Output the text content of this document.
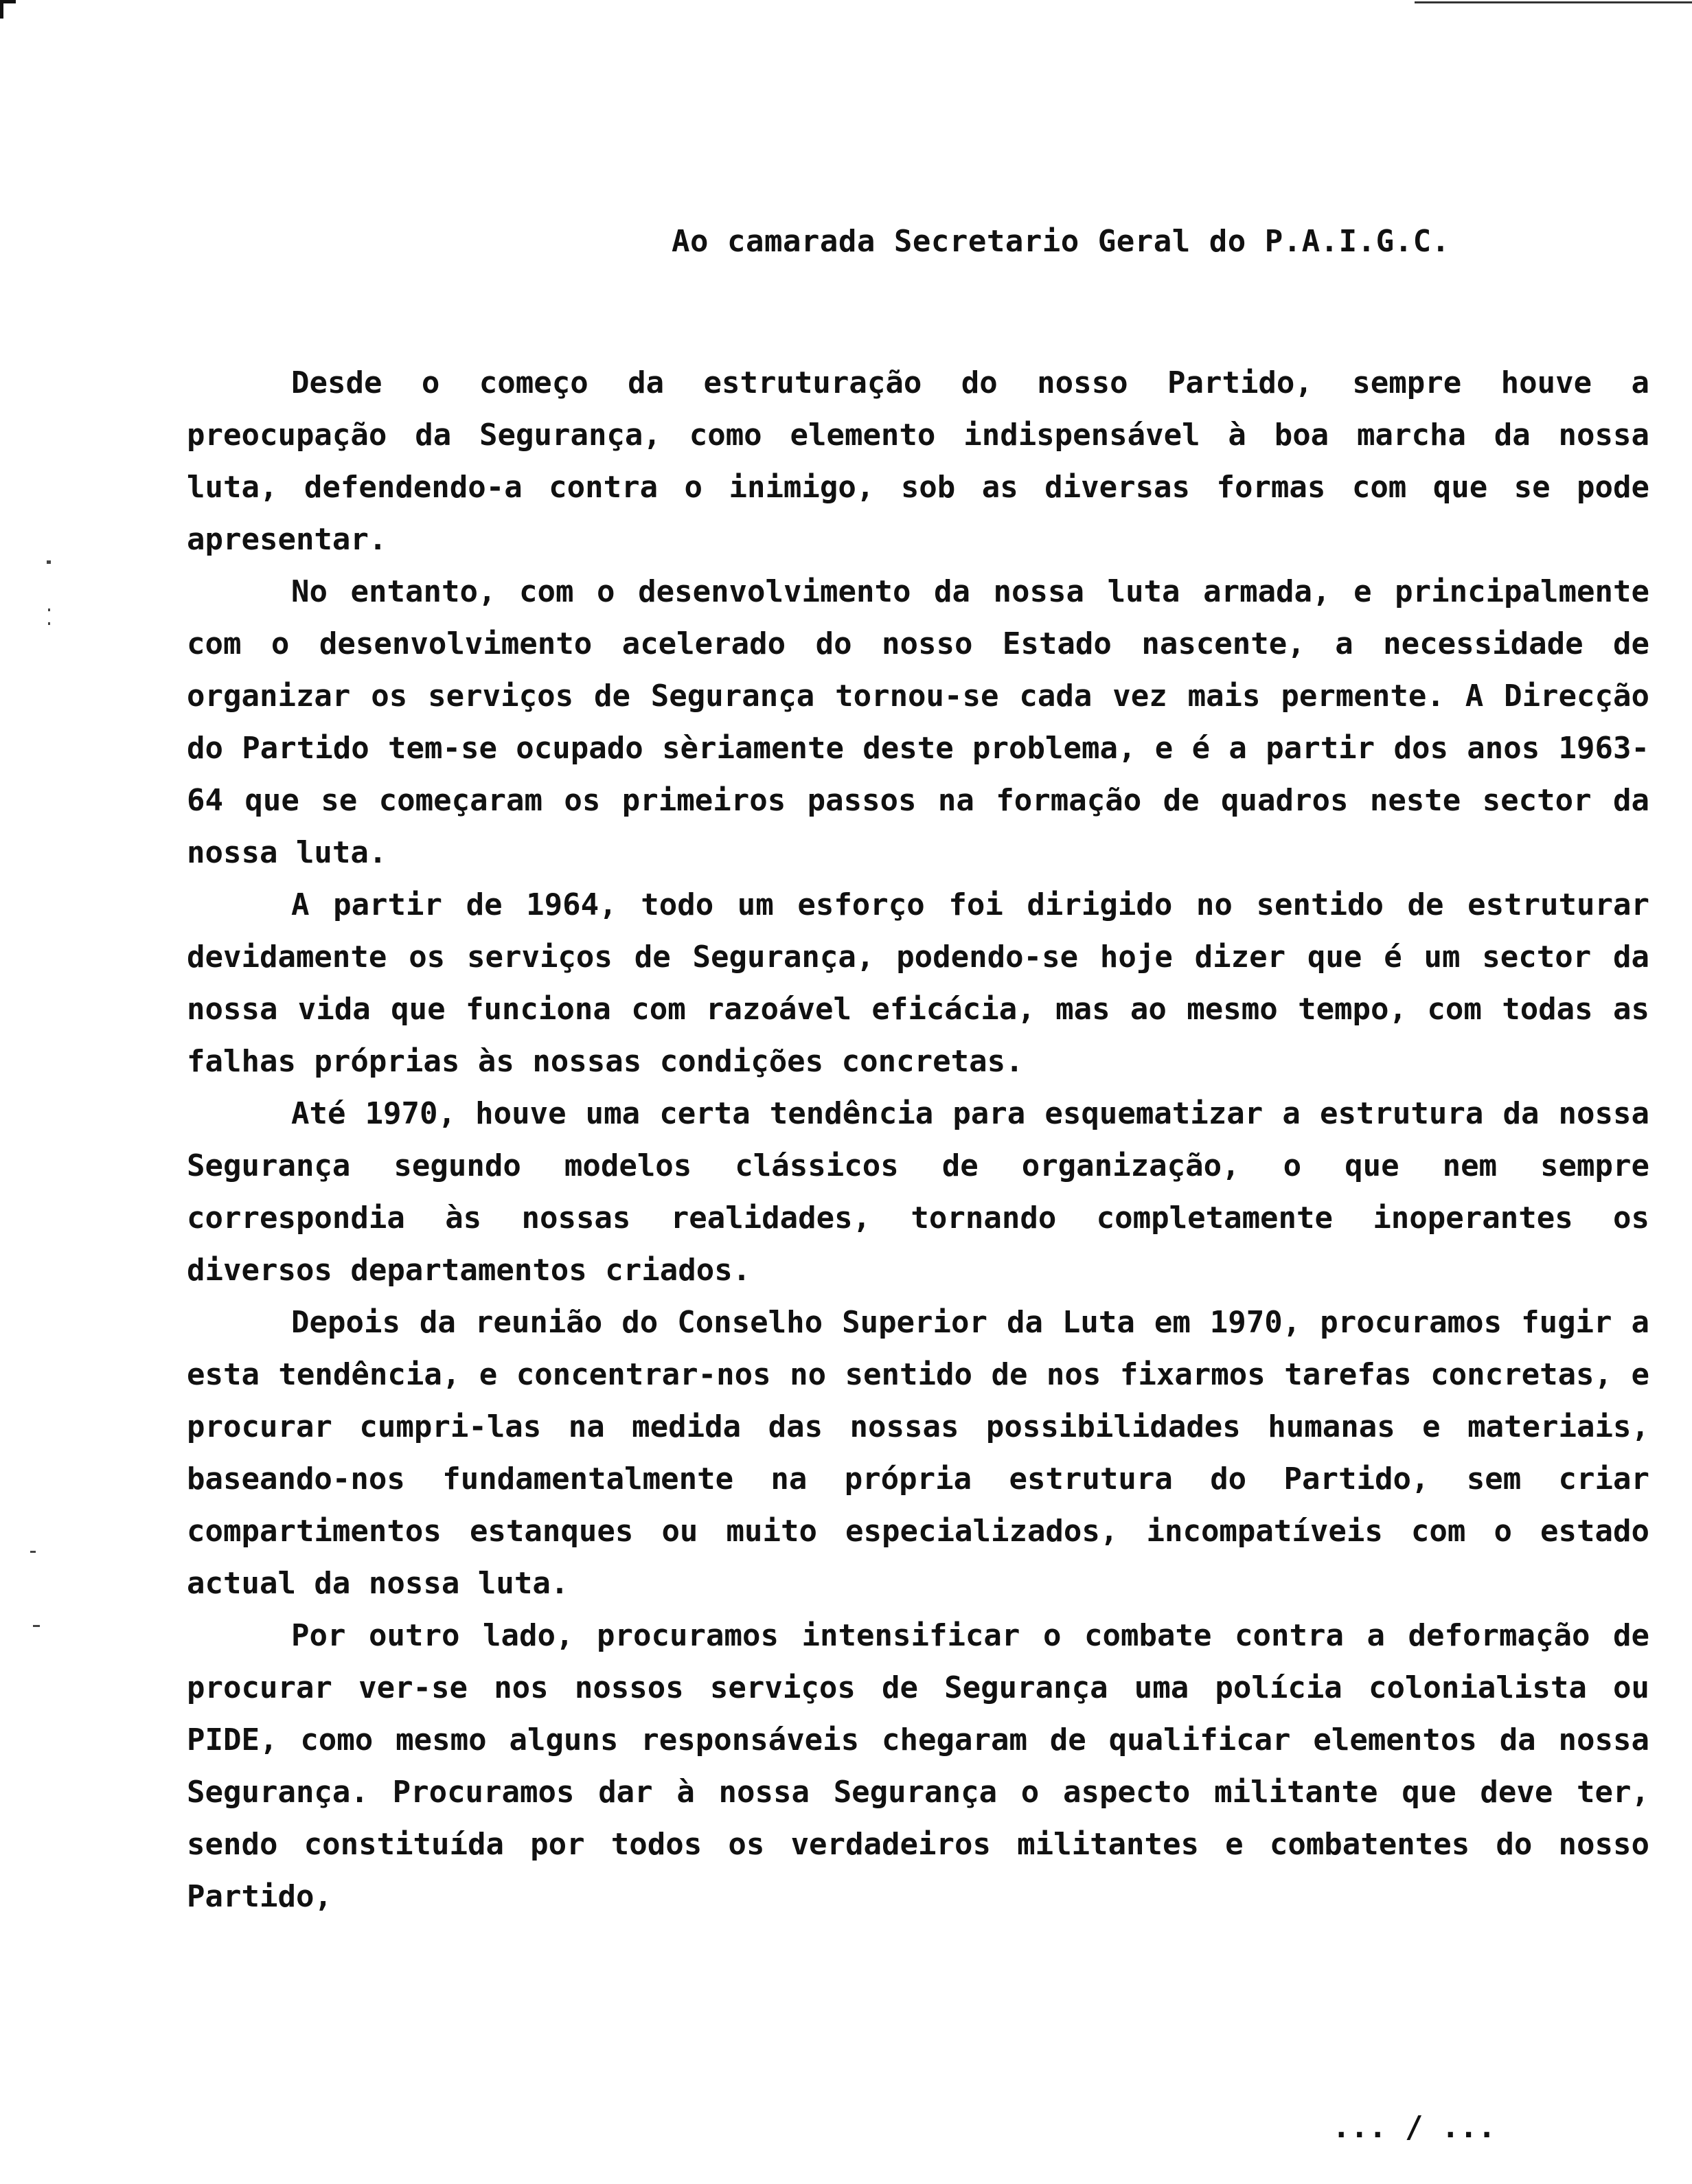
Ao camarada Secretario Geral do P.A.I.G.C.

Desde o começo da estruturação do nosso Partido, sempre houve a preocupação da Segurança, como elemento indispensável à boa marcha da nossa luta, defendendo-a contra o inimigo, sob as diversas formas com que se pode apresentar.

No entanto, com o desenvolvimento da nossa luta armada, e principalmente com o desenvolvimento acelerado do nosso Estado nascente, a necessidade de organizar os serviços de Segurança tornou-se cada vez mais permente. A Direcção do Partido tem-se ocupado sèriamente deste problema, e é a partir dos anos 1963-64 que se começaram os primeiros passos na formação de quadros neste sector da nossa luta.

A partir de 1964, todo um esforço foi dirigido no sentido de estruturar devidamente os serviços de Segurança, podendo-se hoje dizer que é um sector da nossa vida que funciona com razoável eficácia, mas ao mesmo tempo, com todas as falhas próprias às nossas condições concretas.

Até 1970, houve uma certa tendência para esquematizar a estrutura da nossa Segurança segundo modelos clássicos de organização, o que nem sempre correspondia às nossas realidades, tornando completamente inoperantes os diversos departamentos criados.

Depois da reunião do Conselho Superior da Luta em 1970, procuramos fugir a esta tendência, e concentrar-nos no sentido de nos fixarmos tarefas concretas, e procurar cumpri-las na medida das nossas possibilidades humanas e materiais, baseando-nos fundamentalmente na própria estrutura do Partido, sem criar compartimentos estanques ou muito especializados, incompatíveis com o estado actual da nossa luta.

Por outro lado, procuramos intensificar o combate contra a deformação de procurar ver-se nos nossos serviços de Segurança uma polícia colonialista ou PIDE, como mesmo alguns responsáveis chegaram de qualificar elementos da nossa Segurança. Procuramos dar à nossa Segurança o aspecto militante que deve ter, sendo constituída por todos os verdadeiros militantes e combatentes do nosso Partido,

... / ...
